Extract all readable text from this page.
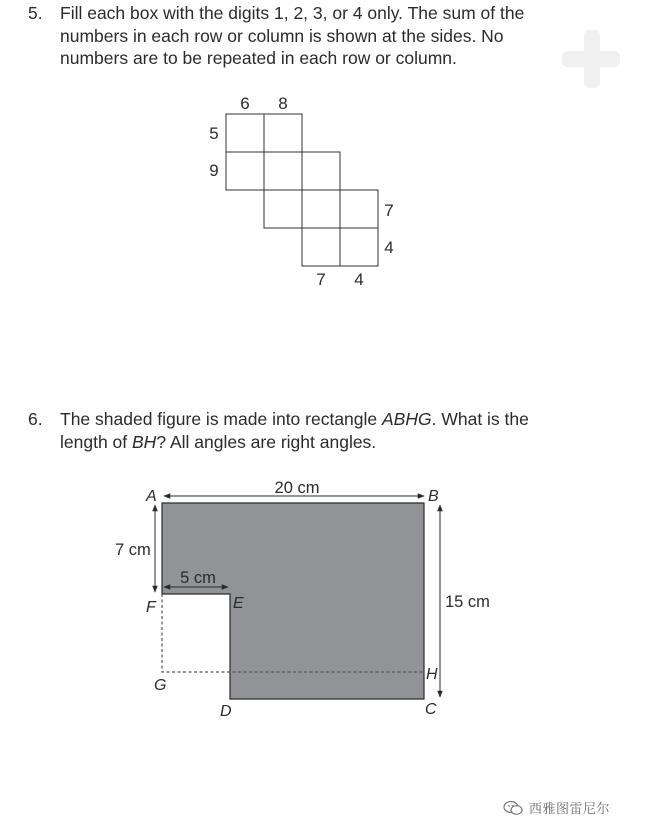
5. Fill each box with the digits 1, 2, 3, or 4 only. The sum of the
numbers in each row or column is shown at the sides. No
numbers are to be repeated in each row or column.
6 8
5
9
7
4
7 4
6. The shaded figure is made into rectangle ABHG. What is the
length of BH? All angles are right angles.
20 cm
7 cm
5 cm
15 cm
A	B
F	E
G
H
D	C
西雅图雷尼尔
